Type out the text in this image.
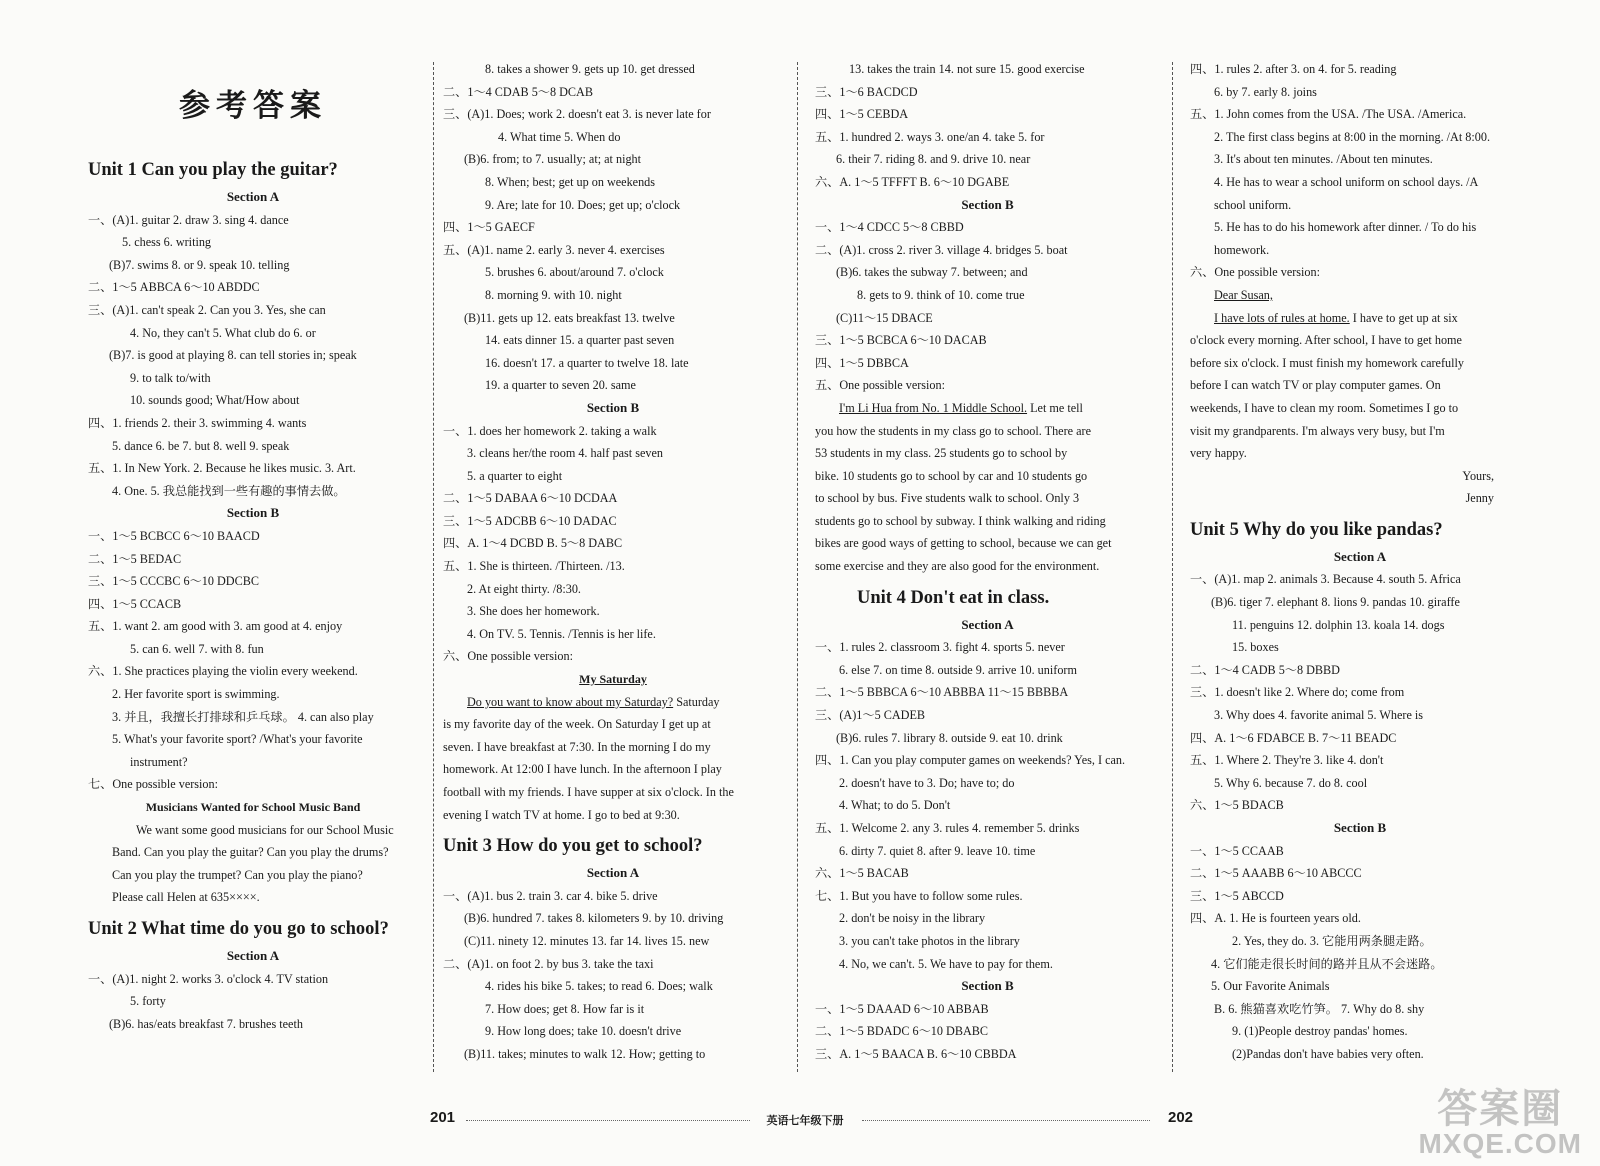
参考答案
Unit 1 Can you play the guitar?
Section A
一、(A)1. guitar 2. draw 3. sing 4. dance
5. chess 6. writing
(B)7. swims 8. or 9. speak 10. telling
二、1～5 ABBCA 6～10 ABDDC
三、(A)1. can't speak 2. Can you 3. Yes, she can
4. No, they can't 5. What club do 6. or
(B)7. is good at playing 8. can tell stories in; speak
9. to talk to/with
10. sounds good; What/How about
四、1. friends 2. their 3. swimming 4. wants
5. dance 6. be 7. but 8. well 9. speak
五、1. In New York. 2. Because he likes music. 3. Art.
4. One. 5. 我总能找到一些有趣的事情去做。
Section B
一、1～5 BCBCC 6～10 BAACD
二、1～5 BEDAC
三、1～5 CCCBC 6～10 DDCBC
四、1～5 CCACB
五、1. want 2. am good with 3. am good at 4. enjoy
5. can 6. well 7. with 8. fun
六、1. She practices playing the violin every weekend.
2. Her favorite sport is swimming.
3. 并且，我擅长打排球和乒乓球。 4. can also play
5. What's your favorite sport? /What's your favorite
instrument?
七、One possible version:
Musicians Wanted for School Music Band
We want some good musicians for our School Music
Band. Can you play the guitar? Can you play the drums?
Can you play the trumpet? Can you play the piano?
Please call Helen at 635××××.
Unit 2 What time do you go to school?
Section A
一、(A)1. night 2. works 3. o'clock 4. TV station
5. forty
(B)6. has/eats breakfast 7. brushes teeth
8. takes a shower 9. gets up 10. get dressed
二、1～4 CDAB 5～8 DCAB
三、(A)1. Does; work 2. doesn't eat 3. is never late for
4. What time 5. When do
(B)6. from; to 7. usually; at; at night
8. When; best; get up on weekends
9. Are; late for 10. Does; get up; o'clock
四、1～5 GAECF
五、(A)1. name 2. early 3. never 4. exercises
5. brushes 6. about/around 7. o'clock
8. morning 9. with 10. night
(B)11. gets up 12. eats breakfast 13. twelve
14. eats dinner 15. a quarter past seven
16. doesn't 17. a quarter to twelve 18. late
19. a quarter to seven 20. same
Section B
一、1. does her homework 2. taking a walk
3. cleans her/the room 4. half past seven
5. a quarter to eight
二、1～5 DABAA 6～10 DCDAA
三、1～5 ADCBB 6～10 DADAC
四、A. 1～4 DCBD B. 5～8 DABC
五、1. She is thirteen. /Thirteen. /13.
2. At eight thirty. /8:30.
3. She does her homework.
4. On TV. 5. Tennis. /Tennis is her life.
六、One possible version:
My Saturday
Do you want to know about my Saturday? Saturday
is my favorite day of the week. On Saturday I get up at
seven. I have breakfast at 7:30. In the morning I do my
homework. At 12:00 I have lunch. In the afternoon I play
football with my friends. I have supper at six o'clock. In the
evening I watch TV at home. I go to bed at 9:30.
Unit 3 How do you get to school?
Section A
一、(A)1. bus 2. train 3. car 4. bike 5. drive
(B)6. hundred 7. takes 8. kilometers 9. by 10. driving
(C)11. ninety 12. minutes 13. far 14. lives 15. new
二、(A)1. on foot 2. by bus 3. take the taxi
4. rides his bike 5. takes; to read 6. Does; walk
7. How does; get 8. How far is it
9. How long does; take 10. doesn't drive
(B)11. takes; minutes to walk 12. How; getting to
13. takes the train 14. not sure 15. good exercise
三、1～6 BACDCD
四、1～5 CEBDA
五、1. hundred 2. ways 3. one/an 4. take 5. for
6. their 7. riding 8. and 9. drive 10. near
六、A. 1～5 TFFFT B. 6～10 DGABE
Section B
一、1～4 CDCC 5～8 CBBD
二、(A)1. cross 2. river 3. village 4. bridges 5. boat
(B)6. takes the subway 7. between; and
8. gets to 9. think of 10. come true
(C)11～15 DBACE
三、1～5 BCBCA 6～10 DACAB
四、1～5 DBBCA
五、One possible version:
I'm Li Hua from No. 1 Middle School. Let me tell
you how the students in my class go to school. There are
53 students in my class. 25 students go to school by
bike. 10 students go to school by car and 10 students go
to school by bus. Five students walk to school. Only 3
students go to school by subway. I think walking and riding
bikes are good ways of getting to school, because we can get
some exercise and they are also good for the environment.
Unit 4 Don't eat in class.
Section A
一、1. rules 2. classroom 3. fight 4. sports 5. never
6. else 7. on time 8. outside 9. arrive 10. uniform
二、1～5 BBBCA 6～10 ABBBA 11～15 BBBBA
三、(A)1～5 CADEB
(B)6. rules 7. library 8. outside 9. eat 10. drink
四、1. Can you play computer games on weekends? Yes, I can.
2. doesn't have to 3. Do; have to; do
4. What; to do 5. Don't
五、1. Welcome 2. any 3. rules 4. remember 5. drinks
6. dirty 7. quiet 8. after 9. leave 10. time
六、1～5 BACAB
七、1. But you have to follow some rules.
2. don't be noisy in the library
3. you can't take photos in the library
4. No, we can't. 5. We have to pay for them.
Section B
一、1～5 DAAAD 6～10 ABBAB
二、1～5 BDADC 6～10 DBABC
三、A. 1～5 BAACA B. 6～10 CBBDA
四、1. rules 2. after 3. on 4. for 5. reading
6. by 7. early 8. joins
五、1. John comes from the USA. /The USA. /America.
2. The first class begins at 8:00 in the morning. /At 8:00.
3. It's about ten minutes. /About ten minutes.
4. He has to wear a school uniform on school days. /A
school uniform.
5. He has to do his homework after dinner. / To do his
homework.
六、One possible version:
Dear Susan,
I have lots of rules at home. I have to get up at six
o'clock every morning. After school, I have to get home
before six o'clock. I must finish my homework carefully
before I can watch TV or play computer games. On
weekends, I have to clean my room. Sometimes I go to
visit my grandparents. I'm always very busy, but I'm
very happy.
Yours,
Jenny
Unit 5 Why do you like pandas?
Section A
一、(A)1. map 2. animals 3. Because 4. south 5. Africa
(B)6. tiger 7. elephant 8. lions 9. pandas 10. giraffe
11. penguins 12. dolphin 13. koala 14. dogs
15. boxes
二、1～4 CADB 5～8 DBBD
三、1. doesn't like 2. Where do; come from
3. Why does 4. favorite animal 5. Where is
四、A. 1～6 FDABCE B. 7～11 BEADC
五、1. Where 2. They're 3. like 4. don't
5. Why 6. because 7. do 8. cool
六、1～5 BDACB
Section B
一、1～5 CCAAB
二、1～5 AAABB 6～10 ABCCC
三、1～5 ABCCD
四、A. 1. He is fourteen years old.
2. Yes, they do. 3. 它能用两条腿走路。
4. 它们能走很长时间的路并且从不会迷路。
5. Our Favorite Animals
B. 6. 熊猫喜欢吃竹笋。 7. Why do 8. shy
9. (1)People destroy pandas' homes.
(2)Pandas don't have babies very often.
201	英语七年级下册	202	答案圈
MXQE.COM
